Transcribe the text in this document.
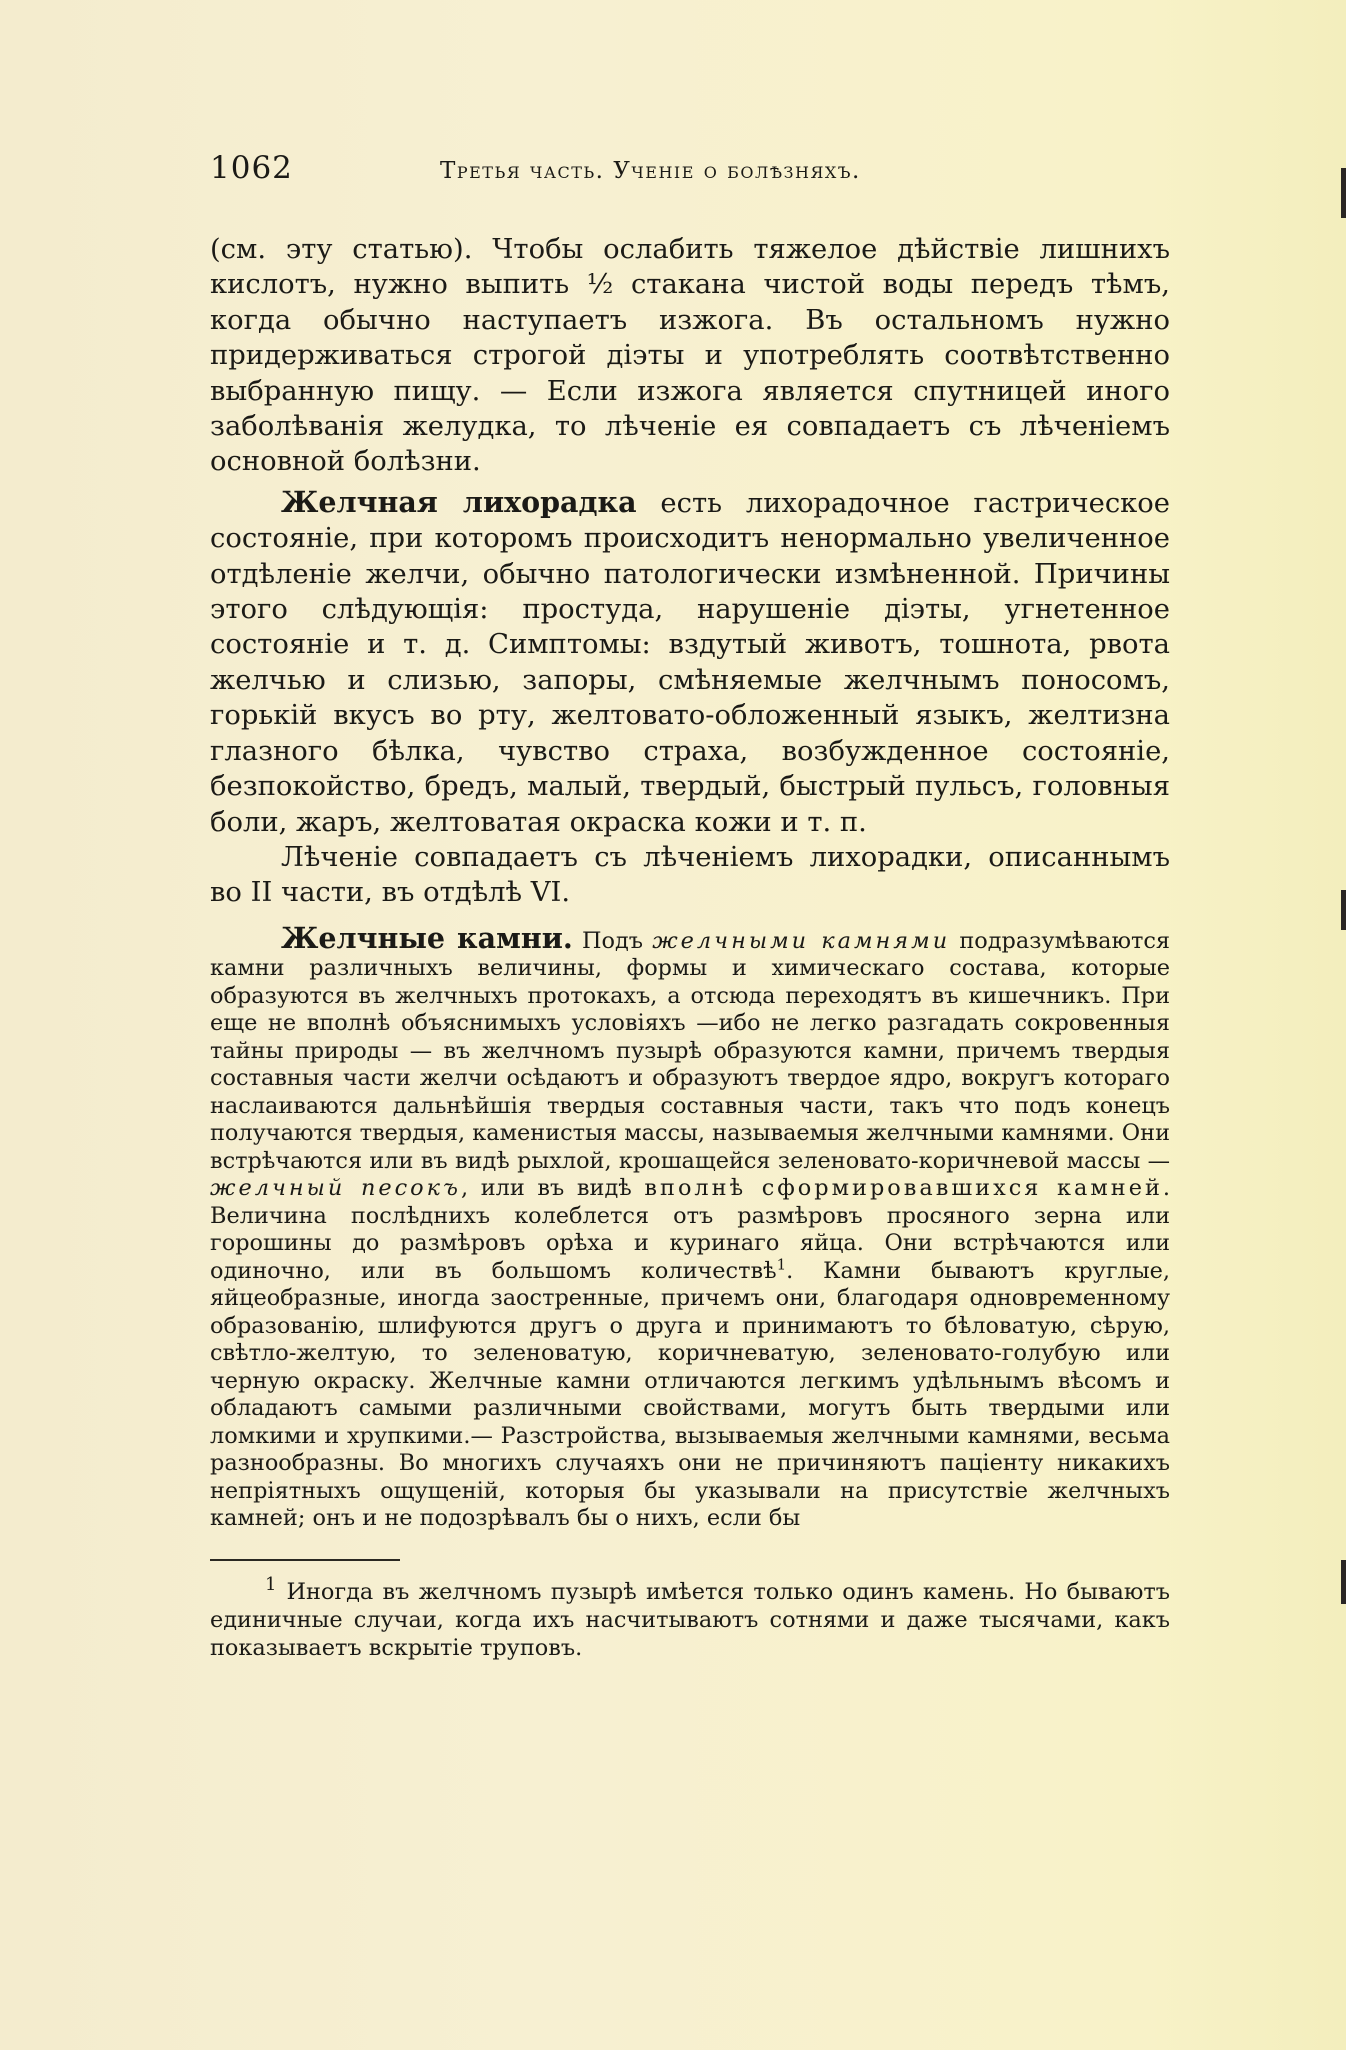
1062	Третья часть. Ученіе о болѣзняхъ.

(см. эту статью). Чтобы ослабить тяжелое дѣйствіе лишнихъ кислотъ, нужно выпить ½ стакана чистой воды передъ тѣмъ, когда обычно наступаетъ изжога. Въ остальномъ нужно придерживаться строгой діэты и употреблять соотвѣтственно выбранную пищу. — Если изжога является спутницей иного заболѣванія желудка, то лѣченіе ея совпадаетъ съ лѣченіемъ основной болѣзни.

Желчная лихорадка есть лихорадочное гастрическое состояніе, при которомъ происходитъ ненормально увеличенное отдѣленіе желчи, обычно патологически измѣненной. Причины этого слѣдующія: простуда, нарушеніе діэты, угнетенное состояніе и т. д. Симптомы: вздутый животъ, тошнота, рвота желчью и слизью, запоры, смѣняемые желчнымъ поносомъ, горькій вкусъ во рту, желтовато-обложенный языкъ, желтизна глазного бѣлка, чувство страха, возбужденное состояніе, безпокойство, бредъ, малый, твердый, быстрый пульсъ, головныя боли, жаръ, желтоватая окраска кожи и т. п.

Лѣченіе совпадаетъ съ лѣченіемъ лихорадки, описаннымъ во II части, въ отдѣлѣ VI.

Желчные камни. Подъ желчными камнями подразумѣваются камни различныхъ величины, формы и химическаго состава, которые образуются въ желчныхъ протокахъ, а отсюда переходятъ въ кишечникъ. При еще не вполнѣ объяснимыхъ условіяхъ —ибо не легко разгадать сокровенныя тайны природы — въ желчномъ пузырѣ образуются камни, причемъ твердыя составныя части желчи осѣдаютъ и образуютъ твердое ядро, вокругъ котораго наслаиваются дальнѣйшія твердыя составныя части, такъ что подъ конецъ получаются твердыя, каменистыя массы, называемыя желчными камнями. Они встрѣчаются или въ видѣ рыхлой, крошащейся зеленовато-коричневой массы — желчный песокъ, или въ видѣ вполнѣ сформировавшихся камней. Величина послѣднихъ колеблется отъ размѣровъ просяного зерна или горошины до размѣровъ орѣха и куринаго яйца. Они встрѣчаются или одиночно, или въ большомъ количествѣ$^1$. Камни бываютъ круглые, яйцеобразные, иногда заостренные, причемъ они, благодаря одновременному образованію, шлифуются другъ о друга и принимаютъ то бѣловатую, сѣрую, свѣтло-желтую, то зеленоватую, коричневатую, зеленовато-голубую или черную окраску. Желчные камни отличаются легкимъ удѣльнымъ вѣсомъ и обладаютъ самыми различными свойствами, могутъ быть твердыми или ломкими и хрупкими.— Разстройства, вызываемыя желчными камнями, весьма разнообразны. Во многихъ случаяхъ они не причиняютъ паціенту никакихъ непріятныхъ ощущеній, которыя бы указывали на присутствіе желчныхъ камней; онъ и не подозрѣвалъ бы о нихъ, если бы

$^1$ Иногда въ желчномъ пузырѣ имѣется только одинъ камень. Но бываютъ единичные случаи, когда ихъ насчитываютъ сотнями и даже тысячами, какъ показываетъ вскрытіе труповъ.
